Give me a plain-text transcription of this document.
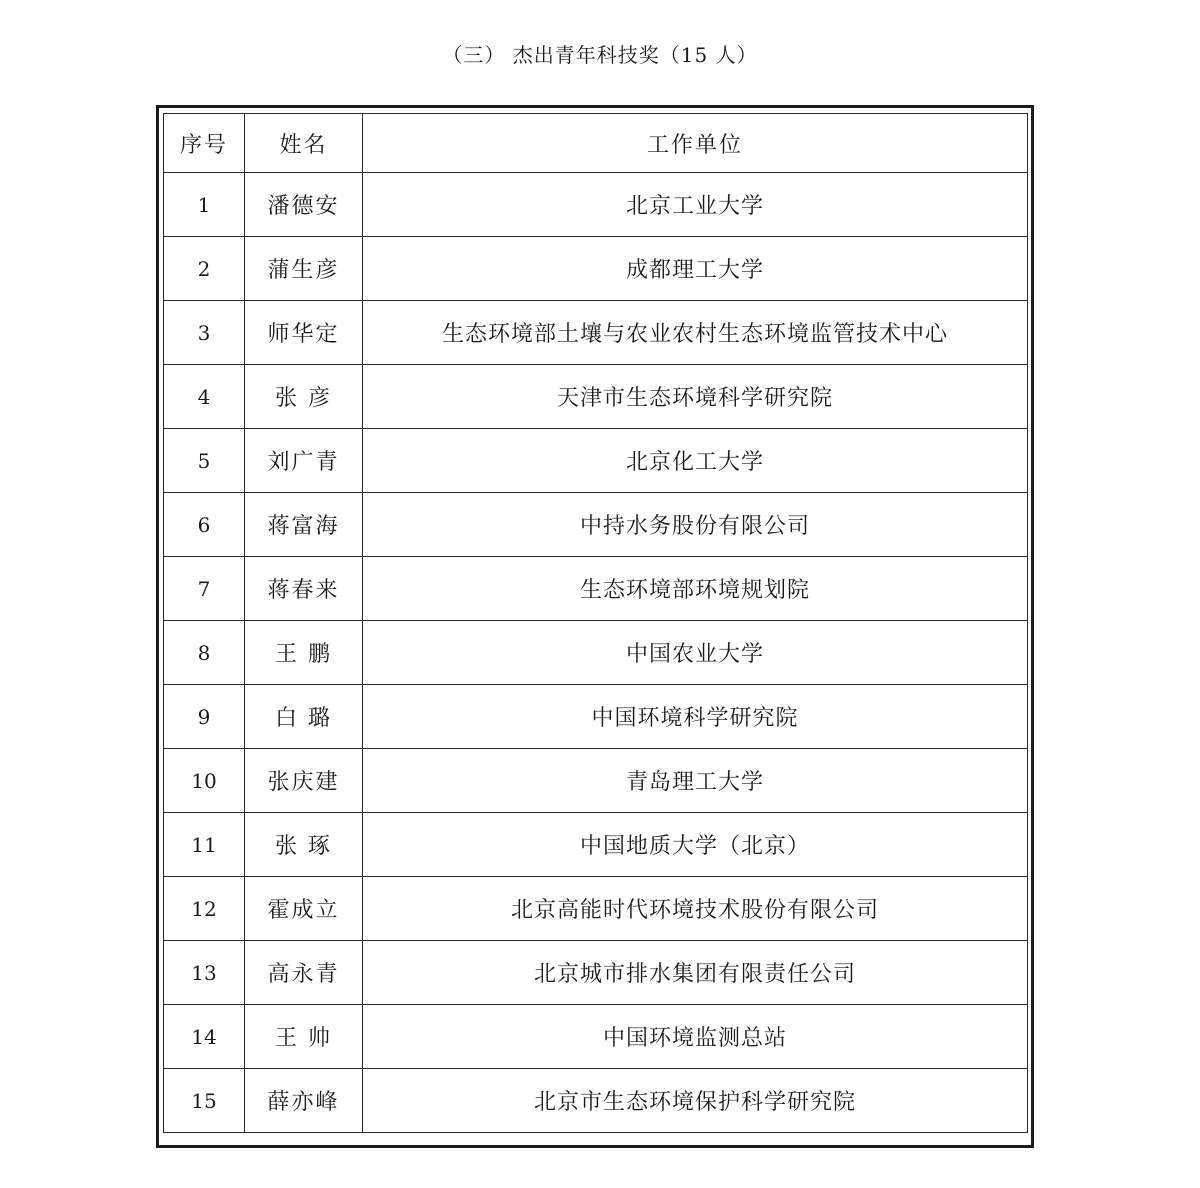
（三） 杰出青年科技奖（15 人）
序号	姓名	工作单位
1	潘德安	北京工业大学
2	蒲生彦	成都理工大学
3	师华定	生态环境部土壤与农业农村生态环境监管技术中心
4	张 彦	天津市生态环境科学研究院
5	刘广青	北京化工大学
6	蒋富海	中持水务股份有限公司
7	蒋春来	生态环境部环境规划院
8	王 鹏	中国农业大学
9	白 璐	中国环境科学研究院
10	张庆建	青岛理工大学
11	张 琢	中国地质大学（北京）
12	霍成立	北京高能时代环境技术股份有限公司
13	高永青	北京城市排水集团有限责任公司
14	王 帅	中国环境监测总站
15	薛亦峰	北京市生态环境保护科学研究院
